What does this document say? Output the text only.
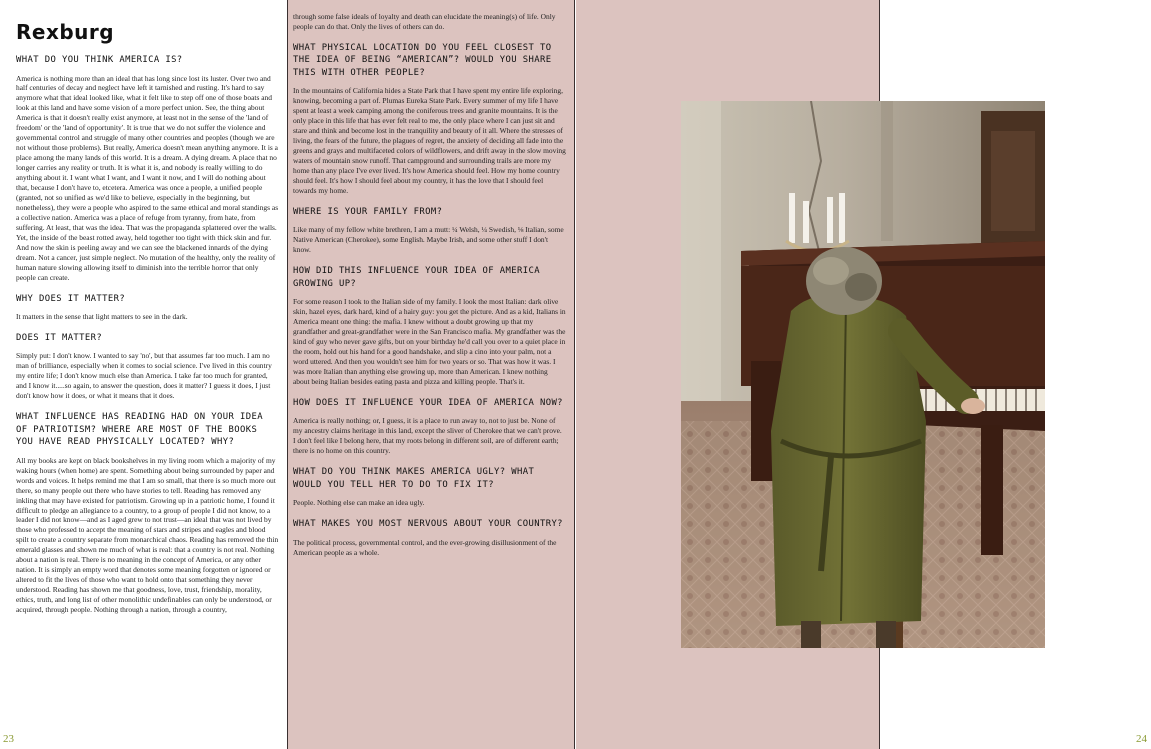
Rexburg
WHAT DO YOU THINK AMERICA IS?
America is nothing more than an ideal that has long since lost its luster. Over two and half centuries of decay and neglect have left it tarnished and rusting. It's hard to say anymore what that ideal looked like, what it felt like to step off one of those boats and look at this land and have some vision of a more perfect union. See, the thing about America is that it doesn't really exist anymore, at least not in the sense of the 'land of freedom' or the 'land of opportunity'. It is true that we do not suffer the violence and governmental control and struggle of many other countries and peoples (though we are not without those problems). But really, America doesn't mean anything anymore. It is a place among the many lands of this world. It is a dream. A dying dream. A place that no longer carries any reality or truth. It is what it is, and nobody is really willing to do anything about it. I want what I want, and I want it now, and I will do nothing about that, because I don't have to, etcetera. America was once a people, a unified people (granted, not so unified as we'd like to believe, especially in the beginning, but nonetheless), they were a people who aspired to the same ethical and moral standings as a collective nation. America was a place of refuge from tyranny, from hate, from suffering. At least, that was the idea. That was the propaganda splattered over the walls. Yet, the inside of the beast rotted away, held together too tight with thick skin and fur. And now the skin is peeling away and we can see the blackened innards of the dying dream. Not a cancer, just simple neglect. No mutation of the healthy, only the reality of human nature slowing allowing itself to diminish into the terrible horror that only people can create.
WHY DOES IT MATTER?
It matters in the sense that light matters to see in the dark.
DOES IT MATTER?
Simply put: I don't know. I wanted to say 'no', but that assumes far too much. I am no man of brilliance, especially when it comes to social science. I've lived in this country my entire life; I don't know much else than America. I take far too much for granted, and I know it.....so again, to answer the question, does it matter? I guess it does, I just don't know how it does, or what it means that it does.
WHAT INFLUENCE HAS READING HAD ON YOUR IDEA OF PATRIOTISM? WHERE ARE MOST OF THE BOOKS YOU HAVE READ PHYSICALLY LOCATED? WHY?
All my books are kept on black bookshelves in my living room which a majority of my waking hours (when home) are spent. Something about being surrounded by paper and words and voices. It helps remind me that I am so small, that there is so much more out there, so many people out there who have stories to tell. Reading has removed any inkling that may have existed for patriotism. Growing up in a patriotic home, I found it difficult to pledge an allegiance to a country, to a group of people I did not know, to a leader I did not know—and as I aged grew to not trust—an ideal that was not lived by those who professed to accept the meaning of stars and stripes and eagles and blood spilt to create a country separate from monarchical chaos. Reading has removed the thin emerald glasses and shown me much of what is real: that a country is not real. Nothing about a nation is real. There is no meaning in the concept of America, or any other nation. It is simply an empty word that denotes some meaning forgotten or ignored or altered to fit the lives of those who want to hold onto that something they never understood. Reading has shown me that goodness, love, trust, friendship, morality, ethics, truth, and long list of other monolithic undefinables can only be understood, or acquired, through people. Nothing through a nation, through a country,
through some false ideals of loyalty and death can elucidate the meaning(s) of life. Only people can do that. Only the lives of others can do.
WHAT PHYSICAL LOCATION DO YOU FEEL CLOSEST TO THE IDEA OF BEING “AMERICAN”? WOULD YOU SHARE THIS WITH OTHER PEOPLE?
In the mountains of California hides a State Park that I have spent my entire life exploring, knowing, becoming a part of. Plumas Eureka State Park. Every summer of my life I have spent at least a week camping among the coniferous trees and granite mountains. It is the only place in this life that has ever felt real to me, the only place where I can just sit and stare and think and become lost in the tranquility and beauty of it all. Where the stresses of living, the fears of the future, the plagues of regret, the anxiety of deciding all fade into the greens and grays and multifaceted colors of wildflowers, and drift away in the slow moving waters of mountain snow runoff. That campground and surrounding trails are more my home than any place I've ever lived. It's how America should feel. How my home country should feel. It's how I should feel about my country, it has the love that I should feel towards my home.
WHERE IS YOUR FAMILY FROM?
Like many of my fellow white brethren, I am a mutt: ¼ Welsh, ¼ Swedish, ⅛ Italian, some Native American (Cherokee), some English. Maybe Irish, and some other stuff I don't know.
HOW DID THIS INFLUENCE YOUR IDEA OF AMERICA GROWING UP?
For some reason I took to the Italian side of my family. I look the most Italian: dark olive skin, hazel eyes, dark hard, kind of a hairy guy: you get the picture. And as a kid, Italians in America meant one thing: the mafia. I knew without a doubt growing up that my grandfather and great-grandfather were in the San Francisco mafia. My grandfather was the kind of guy who never gave gifts, but on your birthday he'd call you over to a quiet place in the room, hold out his hand for a good handshake, and slip a cino into your palm, not a word uttered. And then you wouldn't see him for two years or so. That was how it was. I was more Italian than anything else growing up, more than American. I knew nothing about being Italian besides eating pasta and pizza and killing people. That's it.
HOW DOES IT INFLUENCE YOUR IDEA OF AMERICA NOW?
America is really nothing; or, I guess, it is a place to run away to, not to just be. None of my ancestry claims heritage in this land, except the sliver of Cherokee that we can't prove. I don't feel like I belong here, that my roots belong in different soil, are of different earth; there is no home on this country.
WHAT DO YOU THINK MAKES AMERICA UGLY? WHAT WOULD YOU TELL HER TO DO TO FIX IT?
People. Nothing else can make an idea ugly.
WHAT MAKES YOU MOST NERVOUS ABOUT YOUR COUNTRY?
The political process, governmental control, and the ever-growing disillusionment of the American people as a whole.
23	24
